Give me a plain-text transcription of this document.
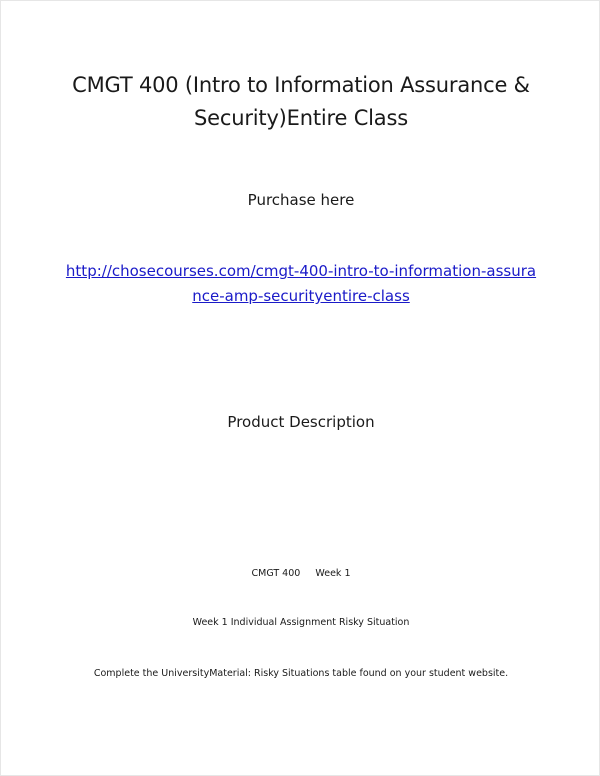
CMGT 400 (Intro to Information Assurance &
Security)Entire Class
Purchase here
http://chosecourses.com/cmgt-400-intro-to-information-assura
nce-amp-securityentire-class
Product Description
CMGT 400     Week 1
Week 1 Individual Assignment Risky Situation
Complete the UniversityMaterial: Risky Situations table found on your student website.
